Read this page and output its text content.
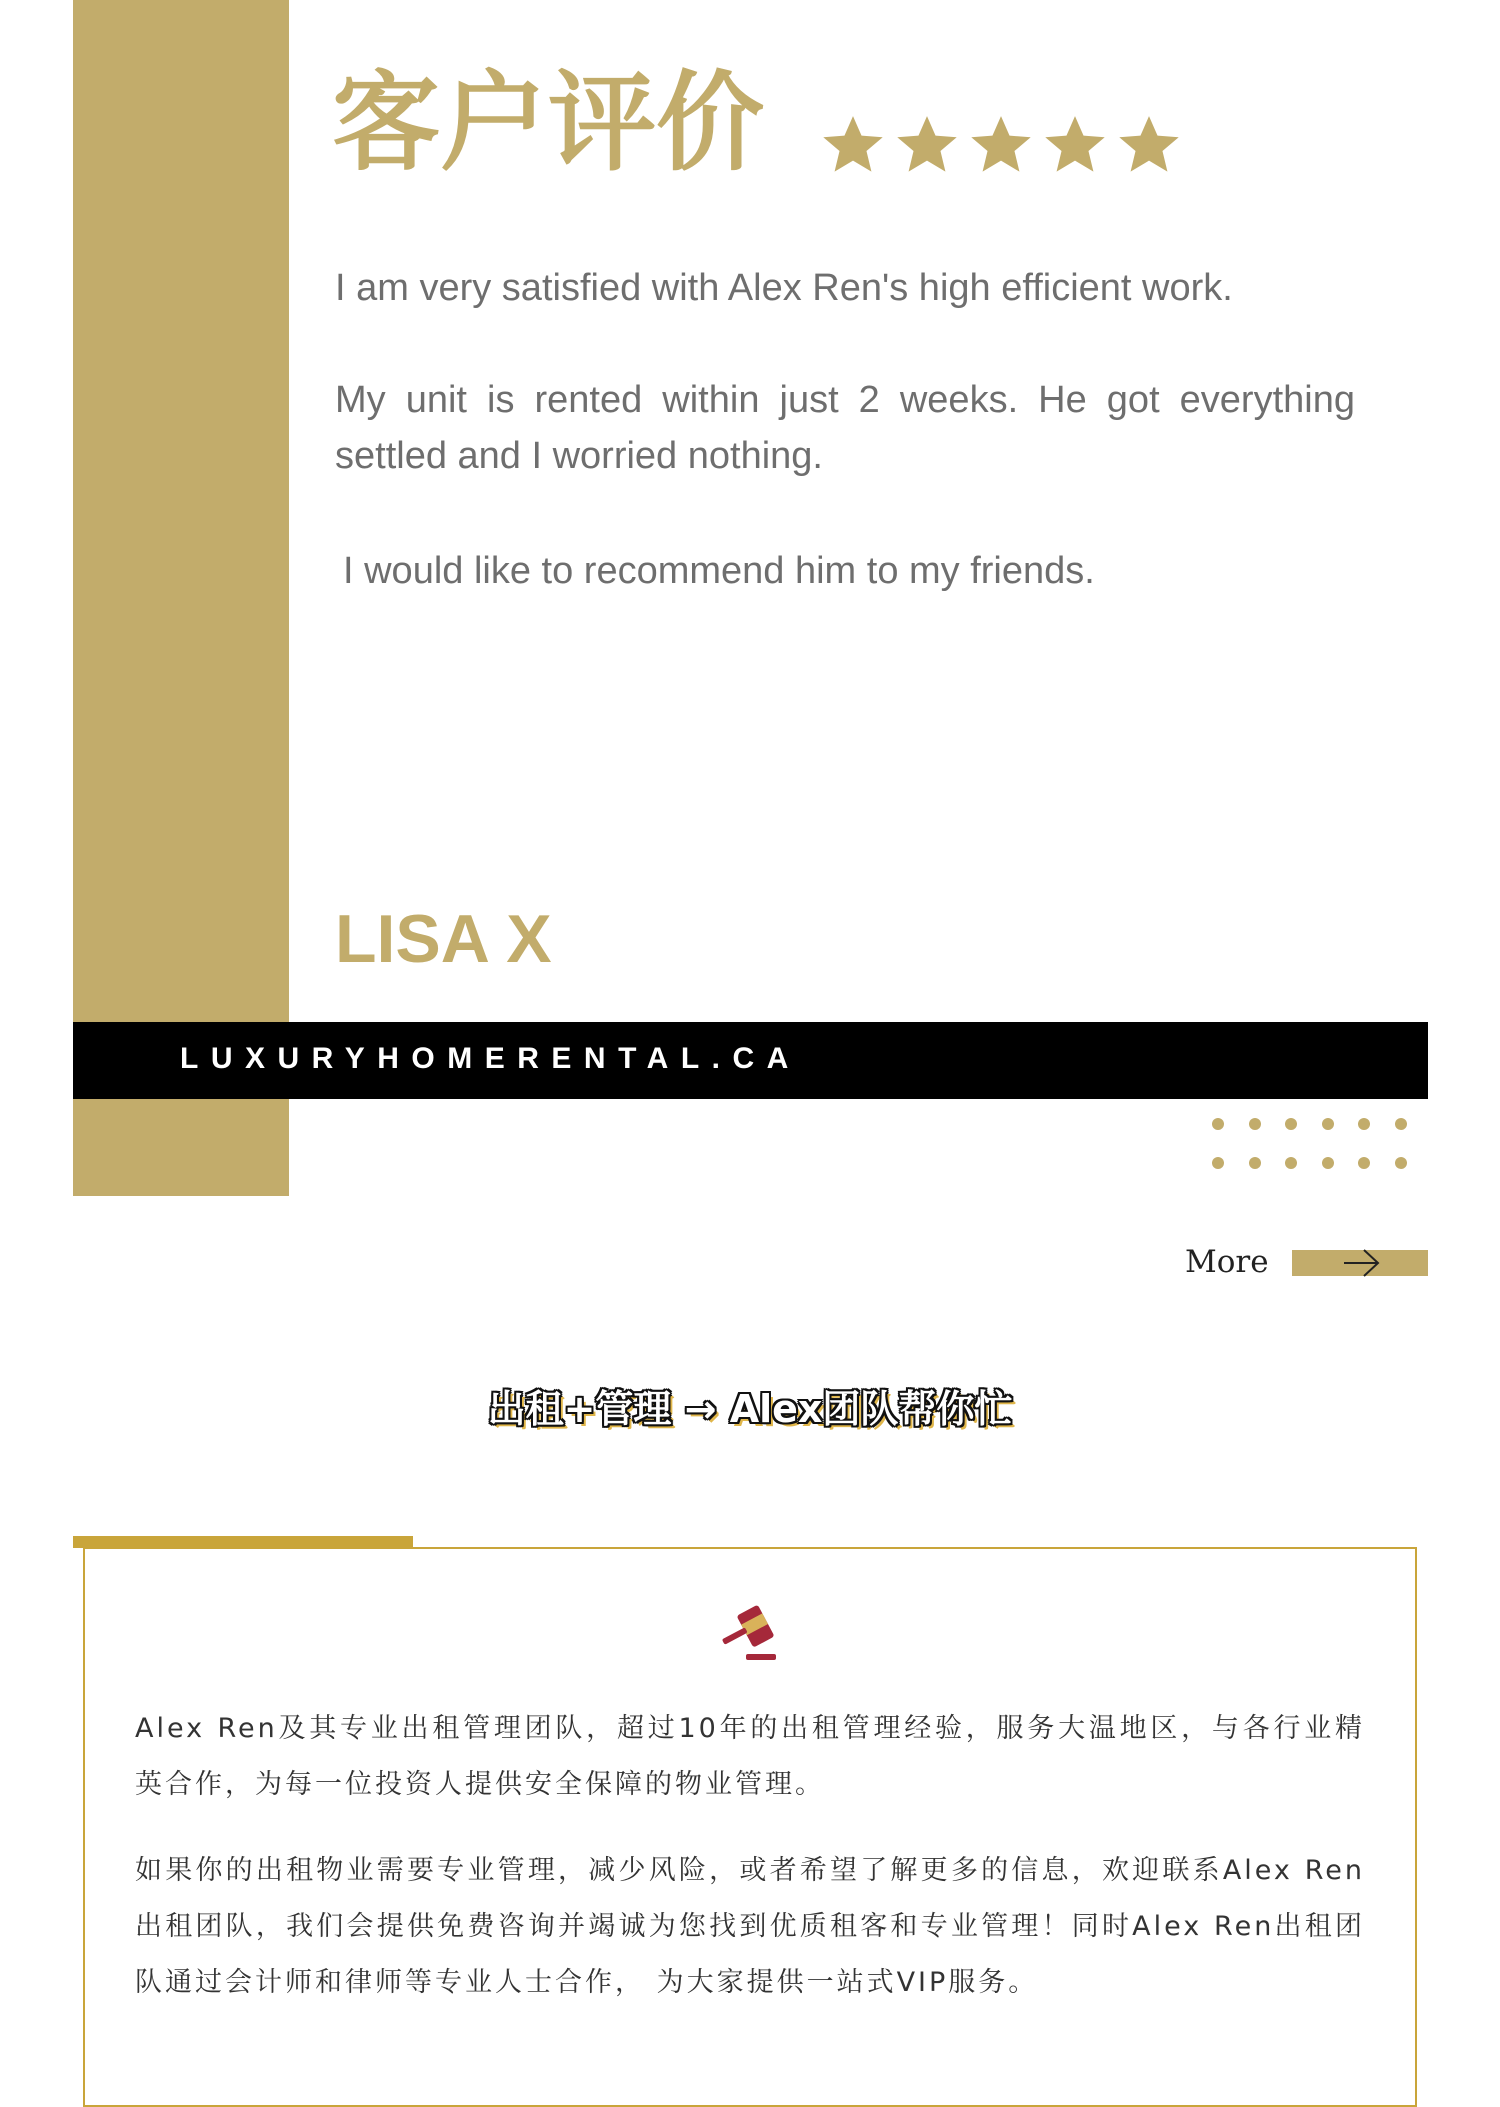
客户评价

I am very satisfied with Alex Ren's high efficient work.

My unit is rented within just 2 weeks. He got everything settled and I worried nothing.

I would like to recommend him to my friends.

LISA X
LUXURYHOMERENTAL.CA
More
出租+管理 → Alex团队帮你忙

Alex Ren及其专业出租管理团队，超过10年的出租管理经验，服务大温地区，与各行业精英合作，为每一位投资人提供安全保障的物业管理。

如果你的出租物业需要专业管理，减少风险，或者希望了解更多的信息，欢迎联系Alex Ren出租团队，我们会提供免费咨询并竭诚为您找到优质租客和专业管理！同时Alex Ren出租团队通过会计师和律师等专业人士合作， 为大家提供一站式VIP服务。
